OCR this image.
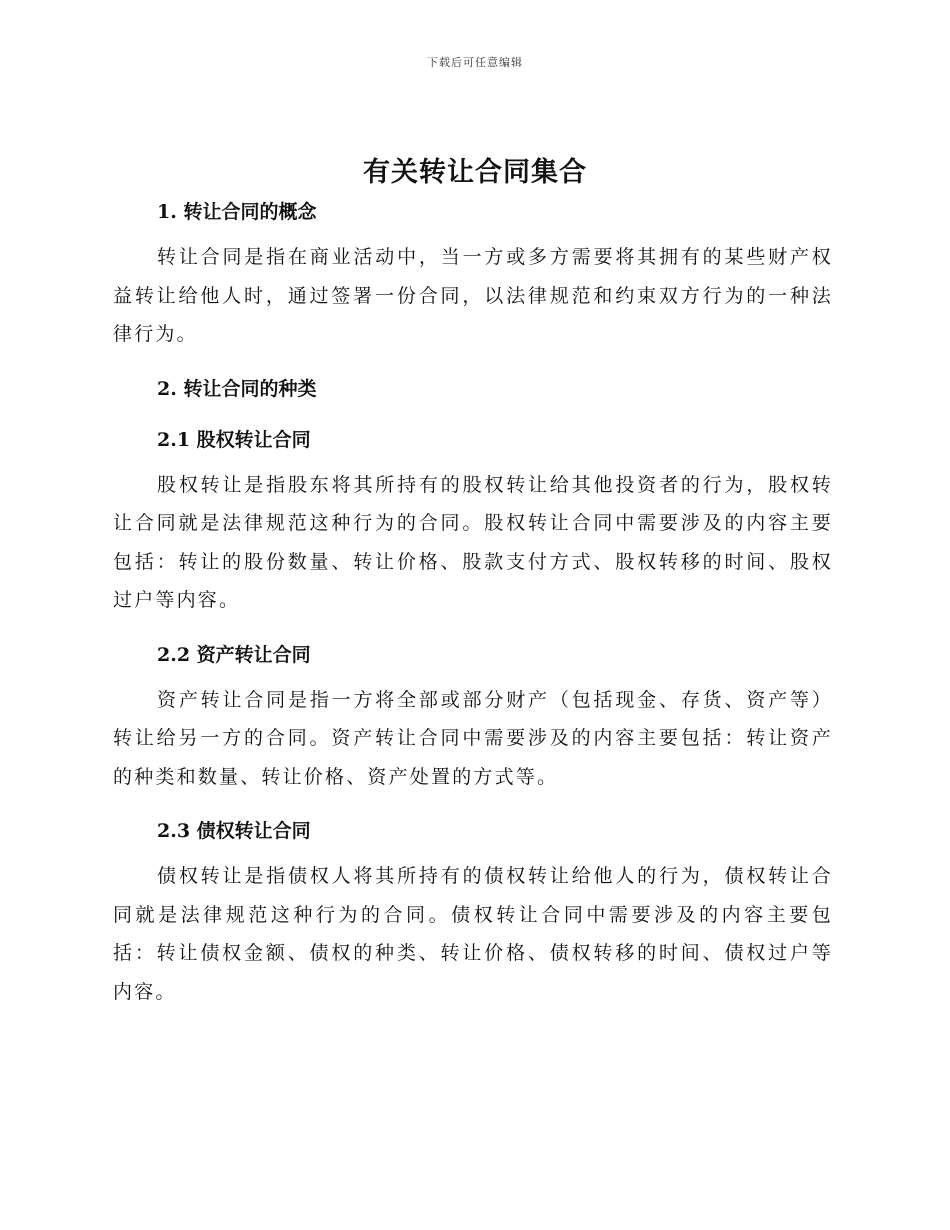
下载后可任意编辑
有关转让合同集合
1. 转让合同的概念

转让合同是指在商业活动中，当一方或多方需要将其拥有的某些财产权益转让给他人时，通过签署一份合同，以法律规范和约束双方行为的一种法律行为。

2. 转让合同的种类
2.1 股权转让合同

股权转让是指股东将其所持有的股权转让给其他投资者的行为，股权转让合同就是法律规范这种行为的合同。股权转让合同中需要涉及的内容主要包括：转让的股份数量、转让价格、股款支付方式、股权转移的时间、股权过户等内容。

2.2 资产转让合同

资产转让合同是指一方将全部或部分财产（包括现金、存货、资产等）转让给另一方的合同。资产转让合同中需要涉及的内容主要包括：转让资产的种类和数量、转让价格、资产处置的方式等。

2.3 债权转让合同

债权转让是指债权人将其所持有的债权转让给他人的行为，债权转让合同就是法律规范这种行为的合同。债权转让合同中需要涉及的内容主要包括：转让债权金额、债权的种类、转让价格、债权转移的时间、债权过户等内容。
